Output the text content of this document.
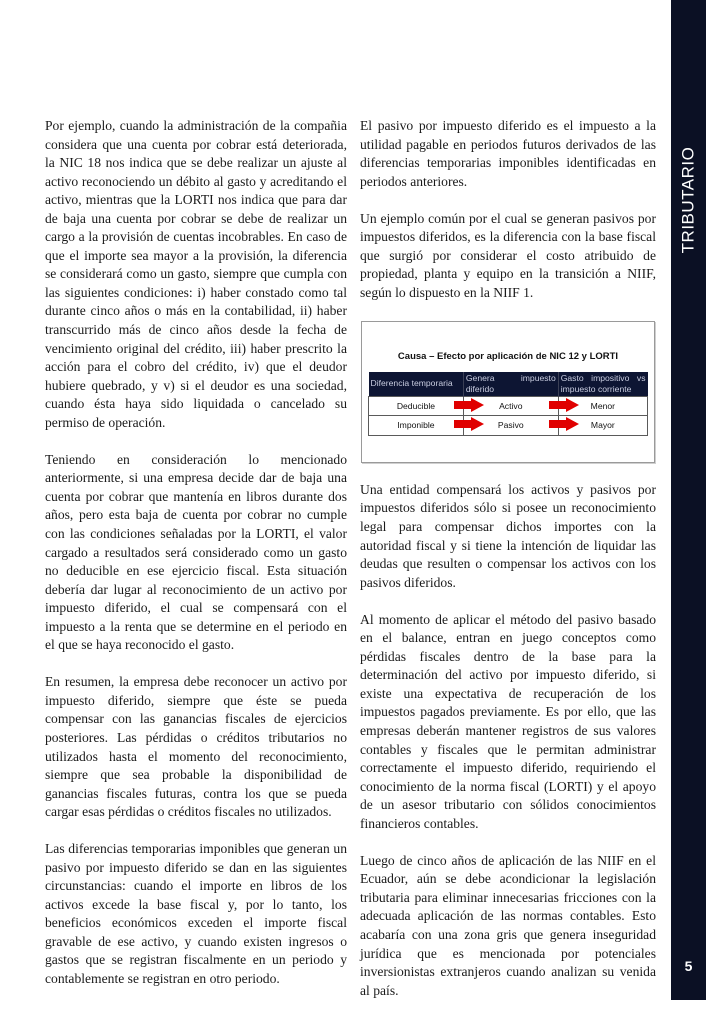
Por ejemplo, cuando la administración de la compañia considera que una cuenta por cobrar está deteriorada, la NIC 18 nos indica que se debe realizar un ajuste al activo reconociendo un débito al gasto y acreditando el activo, mientras que la LORTI nos indica que para dar de baja una cuenta por cobrar se debe de realizar un cargo a la provisión de cuentas incobrables. En caso de que el importe sea mayor a la provisión, la diferencia se considerará como un gasto, siempre que cumpla con las siguientes condiciones: i) haber constado como tal durante cinco años o más en la contabilidad, ii) haber transcurrido más de cinco años desde la fecha de vencimiento original del crédito, iii) haber prescrito la acción para el cobro del crédito, iv) que el deudor hubiere quebrado, y v) si el deudor es una sociedad, cuando ésta haya sido liquidada o cancelado su permiso de operación.

Teniendo en consideración lo mencionado anteriormente, si una empresa decide dar de baja una cuenta por cobrar que mantenía en libros durante dos años, pero esta baja de cuenta por cobrar no cumple con las condiciones señaladas por la LORTI, el valor cargado a resultados será considerado como un gasto no deducible en ese ejercicio fiscal. Esta situación debería dar lugar al reconocimiento de un activo por impuesto diferido, el cual se compensará con el impuesto a la renta que se determine en el periodo en el que se haya reconocido el gasto.

En resumen, la empresa debe reconocer un activo por impuesto diferido, siempre que éste se pueda compensar con las ganancias fiscales de ejercicios posteriores. Las pérdidas o créditos tributarios no utilizados hasta el momento del reconocimiento, siempre que sea probable la disponibilidad de ganancias fiscales futuras, contra los que se pueda cargar esas pérdidas o créditos fiscales no utilizados.

Las diferencias temporarias imponibles que generan un pasivo por impuesto diferido se dan en las siguientes circunstancias: cuando el importe en libros de los activos excede la base fiscal y, por lo tanto, los beneficios económicos exceden el importe fiscal gravable de ese activo, y cuando existen ingresos o gastos que se registran fiscalmente en un periodo y contablemente se registran en otro periodo.

El pasivo por impuesto diferido es el impuesto a la utilidad pagable en periodos futuros derivados de las diferencias temporarias imponibles identificadas en periodos anteriores.

Un ejemplo común por el cual se generan pasivos por impuestos diferidos, es la diferencia con la base fiscal que surgió por considerar el costo atribuido de propiedad, planta y equipo en la transición a NIIF, según lo dispuesto en la NIIF 1.

Causa – Efecto por aplicación de NIC 12 y LORTI
Diferencia temporaria	Genera impuesto diferido	Gasto impositivo vs impuesto corriente
Deducible	Activo	Menor
Imponible	Pasivo	Mayor

Una entidad compensará los activos y pasivos por impuestos diferidos sólo si posee un reconocimiento legal para compensar dichos importes con la autoridad fiscal y si tiene la intención de liquidar las deudas que resulten o compensar los activos con los pasivos diferidos.

Al momento de aplicar el método del pasivo basado en el balance, entran en juego conceptos como pérdidas fiscales dentro de la base para la determinación del activo por impuesto diferido, si existe una expectativa de recuperación de los impuestos pagados previamente. Es por ello, que las empresas deberán mantener registros de sus valores contables y fiscales que le permitan administrar correctamente el impuesto diferido, requiriendo el conocimiento de la norma fiscal (LORTI) y el apoyo de un asesor tributario con sólidos conocimientos financieros contables.

Luego de cinco años de aplicación de las NIIF en el Ecuador, aún se debe acondicionar la legislación tributaria para eliminar innecesarias fricciones con la adecuada aplicación de las normas contables. Esto acabaría con una zona gris que genera inseguridad jurídica que es mencionada por potenciales inversionistas extranjeros cuando analizan su venida al país.

TRIBUTARIO
5
